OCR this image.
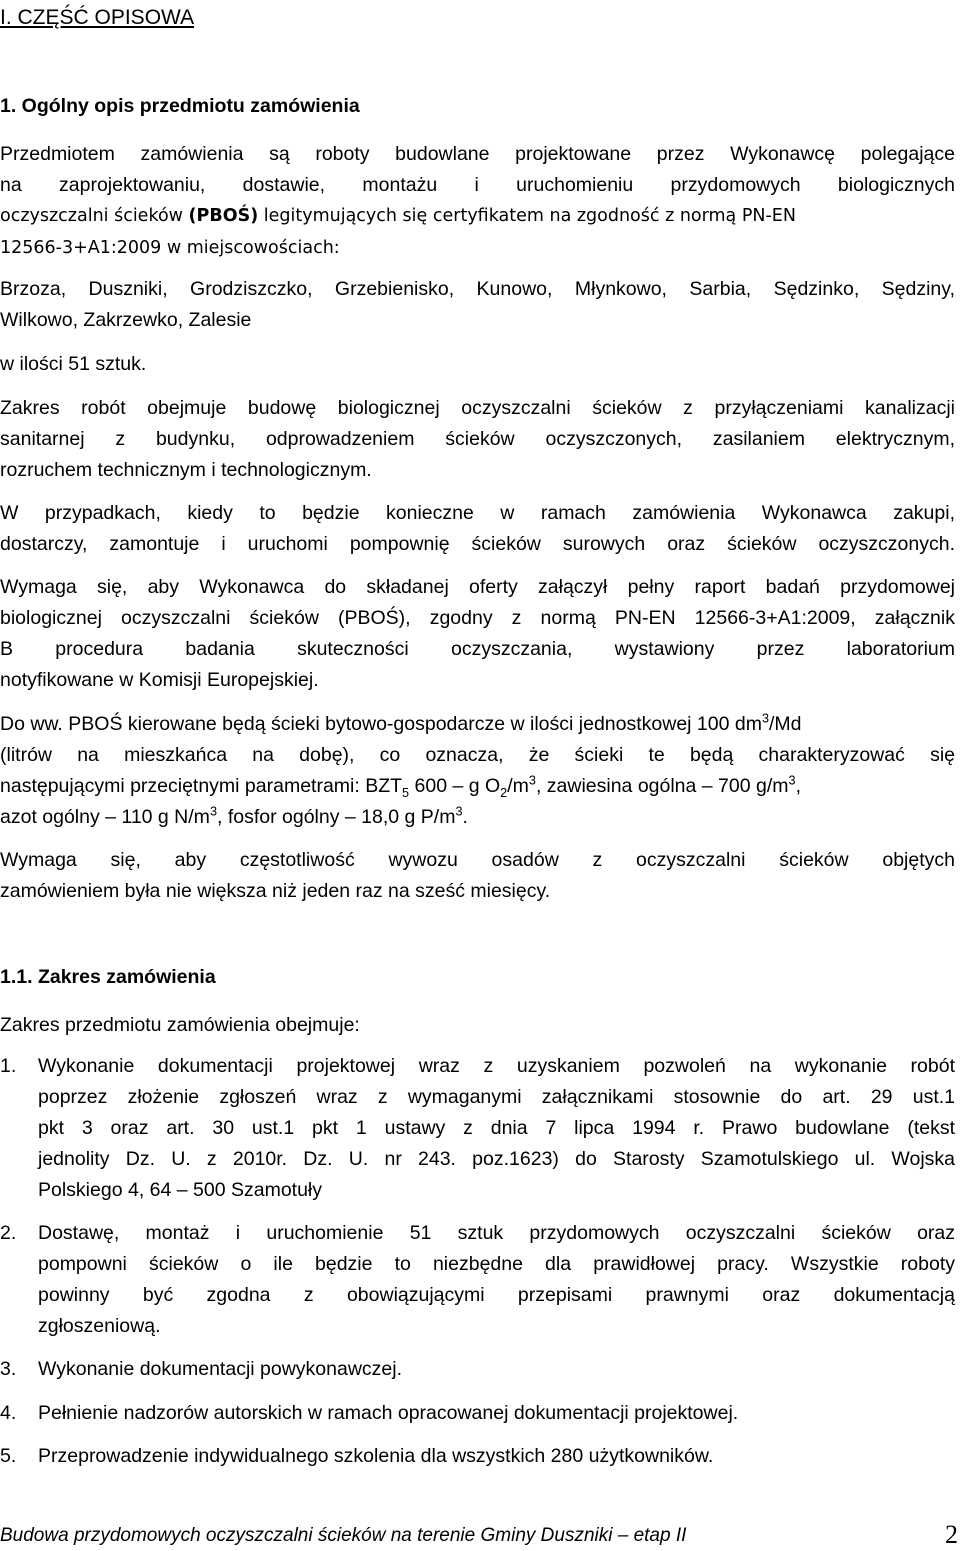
I. CZĘŚĆ OPISOWA
1. Ogólny opis przedmiotu zamówienia
Przedmiotem zamówienia są roboty budowlane projektowane przez Wykonawcę polegające
na zaprojektowaniu, dostawie, montażu i uruchomieniu przydomowych biologicznych
oczyszczalni ścieków (PBOŚ) legitymujących się certyfikatem na zgodność z normą PN-EN
12566-3+A1:2009 w miejscowościach:
Brzoza, Duszniki, Grodziszczko, Grzebienisko, Kunowo, Młynkowo, Sarbia, Sędzinko, Sędziny,
Wilkowo, Zakrzewko, Zalesie
w ilości 51 sztuk.
Zakres robót obejmuje budowę biologicznej oczyszczalni ścieków z przyłączeniami kanalizacji
sanitarnej z budynku, odprowadzeniem ścieków oczyszczonych, zasilaniem elektrycznym,
rozruchem technicznym i technologicznym.
W przypadkach, kiedy to będzie konieczne w ramach zamówienia Wykonawca zakupi,
dostarczy, zamontuje i uruchomi pompownię ścieków surowych oraz ścieków oczyszczonych.
Wymaga się, aby Wykonawca do składanej oferty załączył pełny raport badań przydomowej
biologicznej oczyszczalni ścieków (PBOŚ), zgodny z normą PN-EN 12566-3+A1:2009, załącznik
B procedura badania skuteczności oczyszczania, wystawiony przez laboratorium
notyfikowane w Komisji Europejskiej.
Do ww. PBOŚ kierowane będą ścieki bytowo-gospodarcze w ilości jednostkowej 100 $dm^3/Md$
(litrów na mieszkańca na dobę), co oznacza, że ścieki te będą charakteryzować się
następującymi przeciętnymi parametrami: $BZT_5$ 600 – g $O_2/m^3$, zawiesina ogólna – 700 $g/m^3$,
azot ogólny – 110 g $N/m^3$, fosfor ogólny – 18,0 g $P/m^3$.
Wymaga się, aby częstotliwość wywozu osadów z oczyszczalni ścieków objętych
zamówieniem była nie większa niż jeden raz na sześć miesięcy.
1.1. Zakres zamówienia
Zakres przedmiotu zamówienia obejmuje:
1. Wykonanie dokumentacji projektowej wraz z uzyskaniem pozwoleń na wykonanie robót
poprzez złożenie zgłoszeń wraz z wymaganymi załącznikami stosownie do art. 29 ust.1
pkt 3 oraz art. 30 ust.1 pkt 1 ustawy z dnia 7 lipca 1994 r. Prawo budowlane (tekst
jednolity Dz. U. z 2010r. Dz. U. nr 243. poz.1623) do Starosty Szamotulskiego ul. Wojska
Polskiego 4, 64 – 500 Szamotuły
2. Dostawę, montaż i uruchomienie 51 sztuk przydomowych oczyszczalni ścieków oraz
pompowni ścieków o ile będzie to niezbędne dla prawidłowej pracy. Wszystkie roboty
powinny być zgodna z obowiązującymi przepisami prawnymi oraz dokumentacją
zgłoszeniową.
3. Wykonanie dokumentacji powykonawczej.
4. Pełnienie nadzorów autorskich w ramach opracowanej dokumentacji projektowej.
5. Przeprowadzenie indywidualnego szkolenia dla wszystkich 280 użytkowników.
Budowa przydomowych oczyszczalni ścieków na terenie Gminy Duszniki – etap II	2
